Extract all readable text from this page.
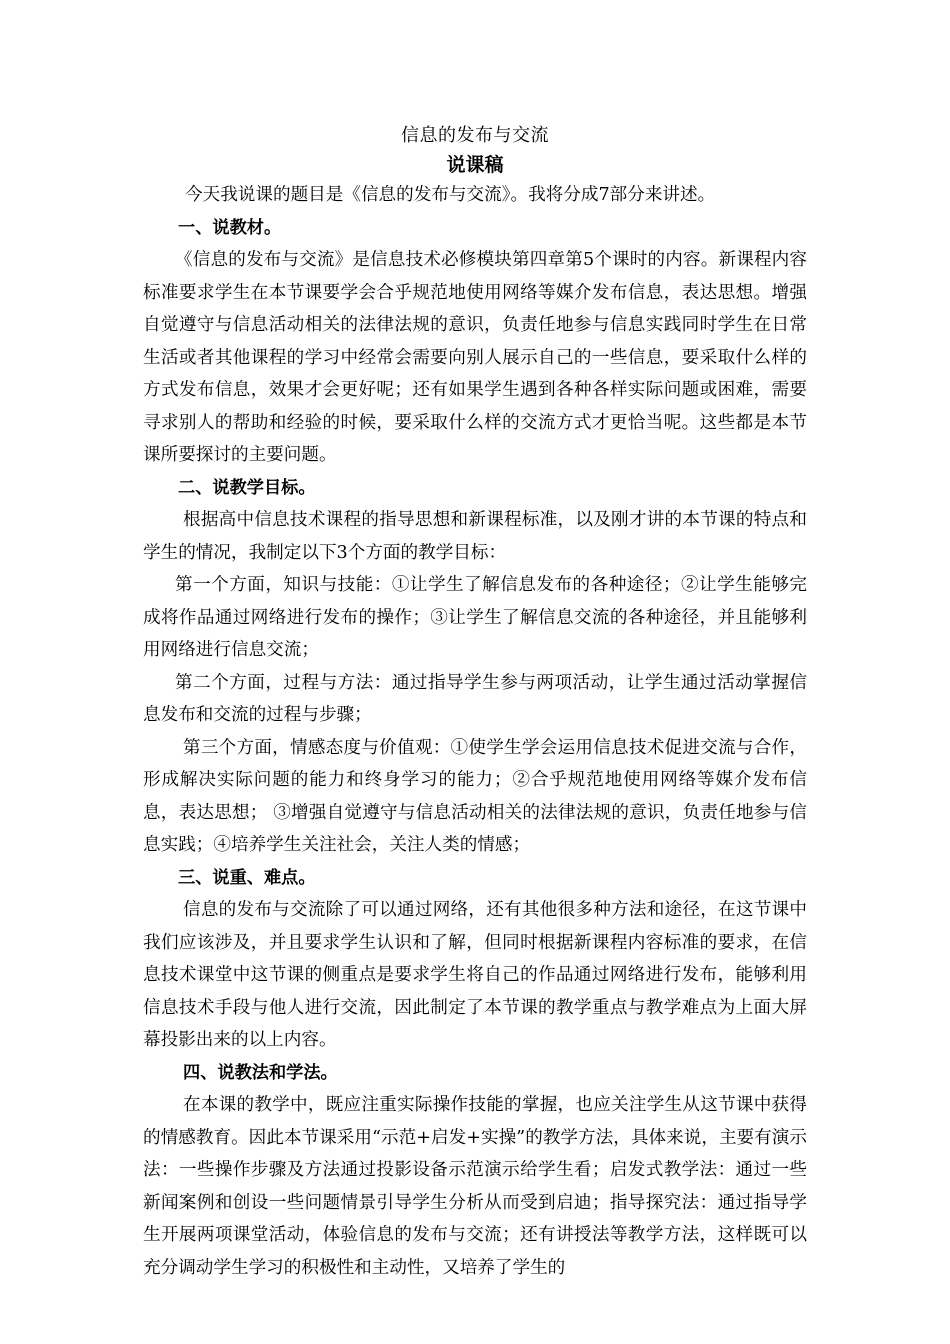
信息的发布与交流
说课稿

今天我说课的题目是《信息的发布与交流》。我将分成7部分来讲述。

一、说教材。

《信息的发布与交流》是信息技术必修模块第四章第5个课时的内容。新课程内容标准要求学生在本节课要学会合乎规范地使用网络等媒介发布信息，表达思想。增强自觉遵守与信息活动相关的法律法规的意识，负责任地参与信息实践同时学生在日常生活或者其他课程的学习中经常会需要向别人展示自己的一些信息，要采取什么样的方式发布信息，效果才会更好呢；还有如果学生遇到各种各样实际问题或困难，需要寻求别人的帮助和经验的时候，要采取什么样的交流方式才更恰当呢。这些都是本节课所要探讨的主要问题。

二、说教学目标。

根据高中信息技术课程的指导思想和新课程标准，以及刚才讲的本节课的特点和学生的情况，我制定以下3个方面的教学目标：

第一个方面，知识与技能：①让学生了解信息发布的各种途径；②让学生能够完成将作品通过网络进行发布的操作；③让学生了解信息交流的各种途径，并且能够利用网络进行信息交流；

第二个方面，过程与方法：通过指导学生参与两项活动，让学生通过活动掌握信息发布和交流的过程与步骤；

第三个方面，情感态度与价值观：①使学生学会运用信息技术促进交流与合作，形成解决实际问题的能力和终身学习的能力；②合乎规范地使用网络等媒介发布信息，表达思想； ③增强自觉遵守与信息活动相关的法律法规的意识，负责任地参与信息实践；④培养学生关注社会，关注人类的情感；

三、说重、难点。

信息的发布与交流除了可以通过网络，还有其他很多种方法和途径，在这节课中我们应该涉及，并且要求学生认识和了解，但同时根据新课程内容标准的要求，在信息技术课堂中这节课的侧重点是要求学生将自己的作品通过网络进行发布，能够利用信息技术手段与他人进行交流，因此制定了本节课的教学重点与教学难点为上面大屏幕投影出来的以上内容。

四、说教法和学法。

在本课的教学中，既应注重实际操作技能的掌握，也应关注学生从这节课中获得的情感教育。因此本节课采用“示范+启发+实操”的教学方法，具体来说，主要有演示法：一些操作步骤及方法通过投影设备示范演示给学生看；启发式教学法：通过一些新闻案例和创设一些问题情景引导学生分析从而受到启迪；指导探究法：通过指导学生开展两项课堂活动，体验信息的发布与交流；还有讲授法等教学方法，这样既可以充分调动学生学习的积极性和主动性，又培养了学生的
